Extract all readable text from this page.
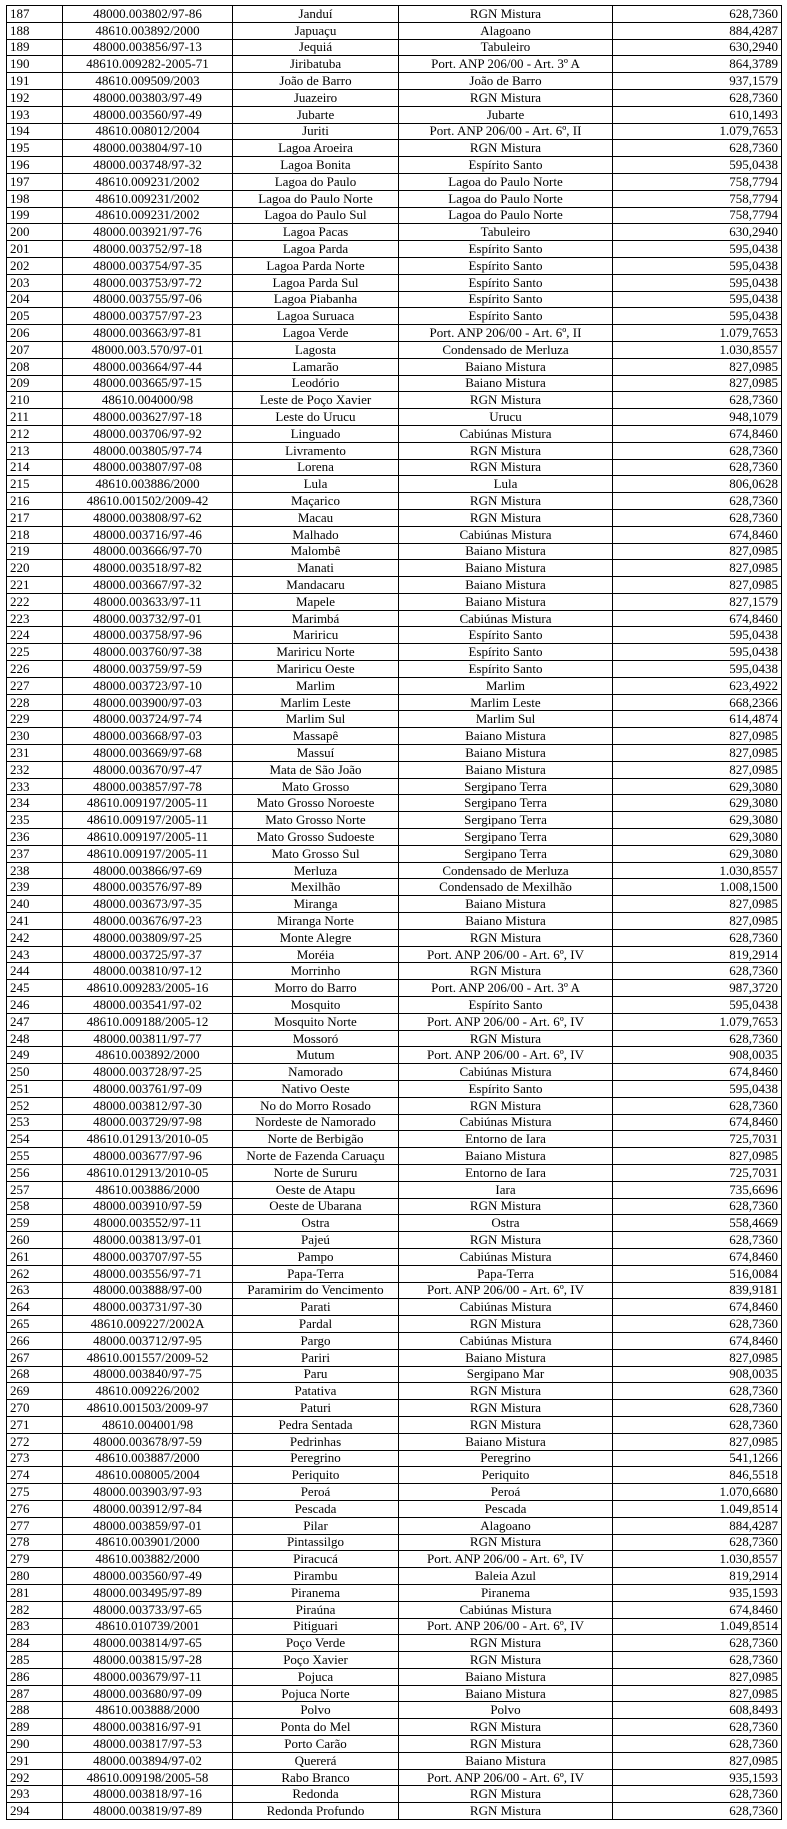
187	48000.003802/97-86	Janduí	RGN Mistura	628,7360
188	48610.003892/2000	Japuaçu	Alagoano	884,4287
189	48000.003856/97-13	Jequiá	Tabuleiro	630,2940
190	48610.009282-2005-71	Jiribatuba	Port. ANP 206/00 - Art. 3º A	864,3789
191	48610.009509/2003	João de Barro	João de Barro	937,1579
192	48000.003803/97-49	Juazeiro	RGN Mistura	628,7360
193	48000.003560/97-49	Jubarte	Jubarte	610,1493
194	48610.008012/2004	Juriti	Port. ANP 206/00 - Art. 6º, II	1.079,7653
195	48000.003804/97-10	Lagoa Aroeira	RGN Mistura	628,7360
196	48000.003748/97-32	Lagoa Bonita	Espírito Santo	595,0438
197	48610.009231/2002	Lagoa do Paulo	Lagoa do Paulo Norte	758,7794
198	48610.009231/2002	Lagoa do Paulo Norte	Lagoa do Paulo Norte	758,7794
199	48610.009231/2002	Lagoa do Paulo Sul	Lagoa do Paulo Norte	758,7794
200	48000.003921/97-76	Lagoa Pacas	Tabuleiro	630,2940
201	48000.003752/97-18	Lagoa Parda	Espírito Santo	595,0438
202	48000.003754/97-35	Lagoa Parda Norte	Espírito Santo	595,0438
203	48000.003753/97-72	Lagoa Parda Sul	Espírito Santo	595,0438
204	48000.003755/97-06	Lagoa Piabanha	Espírito Santo	595,0438
205	48000.003757/97-23	Lagoa Suruaca	Espírito Santo	595,0438
206	48000.003663/97-81	Lagoa Verde	Port. ANP 206/00 - Art. 6º, II	1.079,7653
207	48000.003.570/97-01	Lagosta	Condensado de Merluza	1.030,8557
208	48000.003664/97-44	Lamarão	Baiano Mistura	827,0985
209	48000.003665/97-15	Leodório	Baiano Mistura	827,0985
210	48610.004000/98	Leste de Poço Xavier	RGN Mistura	628,7360
211	48000.003627/97-18	Leste do Urucu	Urucu	948,1079
212	48000.003706/97-92	Linguado	Cabiúnas Mistura	674,8460
213	48000.003805/97-74	Livramento	RGN Mistura	628,7360
214	48000.003807/97-08	Lorena	RGN Mistura	628,7360
215	48610.003886/2000	Lula	Lula	806,0628
216	48610.001502/2009-42	Maçarico	RGN Mistura	628,7360
217	48000.003808/97-62	Macau	RGN Mistura	628,7360
218	48000.003716/97-46	Malhado	Cabiúnas Mistura	674,8460
219	48000.003666/97-70	Malombê	Baiano Mistura	827,0985
220	48000.003518/97-82	Manati	Baiano Mistura	827,0985
221	48000.003667/97-32	Mandacaru	Baiano Mistura	827,0985
222	48000.003633/97-11	Mapele	Baiano Mistura	827,1579
223	48000.003732/97-01	Marimbá	Cabiúnas Mistura	674,8460
224	48000.003758/97-96	Mariricu	Espírito Santo	595,0438
225	48000.003760/97-38	Mariricu Norte	Espírito Santo	595,0438
226	48000.003759/97-59	Mariricu Oeste	Espírito Santo	595,0438
227	48000.003723/97-10	Marlim	Marlim	623,4922
228	48000.003900/97-03	Marlim Leste	Marlim Leste	668,2366
229	48000.003724/97-74	Marlim Sul	Marlim Sul	614,4874
230	48000.003668/97-03	Massapê	Baiano Mistura	827,0985
231	48000.003669/97-68	Massuí	Baiano Mistura	827,0985
232	48000.003670/97-47	Mata de São João	Baiano Mistura	827,0985
233	48000.003857/97-78	Mato Grosso	Sergipano Terra	629,3080
234	48610.009197/2005-11	Mato Grosso Noroeste	Sergipano Terra	629,3080
235	48610.009197/2005-11	Mato Grosso Norte	Sergipano Terra	629,3080
236	48610.009197/2005-11	Mato Grosso Sudoeste	Sergipano Terra	629,3080
237	48610.009197/2005-11	Mato Grosso Sul	Sergipano Terra	629,3080
238	48000.003866/97-69	Merluza	Condensado de Merluza	1.030,8557
239	48000.003576/97-89	Mexilhão	Condensado de Mexilhão	1.008,1500
240	48000.003673/97-35	Miranga	Baiano Mistura	827,0985
241	48000.003676/97-23	Miranga Norte	Baiano Mistura	827,0985
242	48000.003809/97-25	Monte Alegre	RGN Mistura	628,7360
243	48000.003725/97-37	Moréia	Port. ANP 206/00 - Art. 6º, IV	819,2914
244	48000.003810/97-12	Morrinho	RGN Mistura	628,7360
245	48610.009283/2005-16	Morro do Barro	Port. ANP 206/00 - Art. 3º A	987,3720
246	48000.003541/97-02	Mosquito	Espírito Santo	595,0438
247	48610.009188/2005-12	Mosquito Norte	Port. ANP 206/00 - Art. 6º, IV	1.079,7653
248	48000.003811/97-77	Mossoró	RGN Mistura	628,7360
249	48610.003892/2000	Mutum	Port. ANP 206/00 - Art. 6º, IV	908,0035
250	48000.003728/97-25	Namorado	Cabiúnas Mistura	674,8460
251	48000.003761/97-09	Nativo Oeste	Espírito Santo	595,0438
252	48000.003812/97-30	No do Morro Rosado	RGN Mistura	628,7360
253	48000.003729/97-98	Nordeste de Namorado	Cabiúnas Mistura	674,8460
254	48610.012913/2010-05	Norte de Berbigão	Entorno de Iara	725,7031
255	48000.003677/97-96	Norte de Fazenda Caruaçu	Baiano Mistura	827,0985
256	48610.012913/2010-05	Norte de Sururu	Entorno de Iara	725,7031
257	48610.003886/2000	Oeste de Atapu	Iara	735,6696
258	48000.003910/97-59	Oeste de Ubarana	RGN Mistura	628,7360
259	48000.003552/97-11	Ostra	Ostra	558,4669
260	48000.003813/97-01	Pajeú	RGN Mistura	628,7360
261	48000.003707/97-55	Pampo	Cabiúnas Mistura	674,8460
262	48000.003556/97-71	Papa-Terra	Papa-Terra	516,0084
263	48000.003888/97-00	Paramirim do Vencimento	Port. ANP 206/00 - Art. 6º, IV	839,9181
264	48000.003731/97-30	Parati	Cabiúnas Mistura	674,8460
265	48610.009227/2002A	Pardal	RGN Mistura	628,7360
266	48000.003712/97-95	Pargo	Cabiúnas Mistura	674,8460
267	48610.001557/2009-52	Pariri	Baiano Mistura	827,0985
268	48000.003840/97-75	Paru	Sergipano Mar	908,0035
269	48610.009226/2002	Patativa	RGN Mistura	628,7360
270	48610.001503/2009-97	Paturi	RGN Mistura	628,7360
271	48610.004001/98	Pedra Sentada	RGN Mistura	628,7360
272	48000.003678/97-59	Pedrinhas	Baiano Mistura	827,0985
273	48610.003887/2000	Peregrino	Peregrino	541,1266
274	48610.008005/2004	Periquito	Periquito	846,5518
275	48000.003903/97-93	Peroá	Peroá	1.070,6680
276	48000.003912/97-84	Pescada	Pescada	1.049,8514
277	48000.003859/97-01	Pilar	Alagoano	884,4287
278	48610.003901/2000	Pintassilgo	RGN Mistura	628,7360
279	48610.003882/2000	Piracucá	Port. ANP 206/00 - Art. 6º, IV	1.030,8557
280	48000.003560/97-49	Pirambu	Baleia Azul	819,2914
281	48000.003495/97-89	Piranema	Piranema	935,1593
282	48000.003733/97-65	Piraúna	Cabiúnas Mistura	674,8460
283	48610.010739/2001	Pitiguari	Port. ANP 206/00 - Art. 6º, IV	1.049,8514
284	48000.003814/97-65	Poço Verde	RGN Mistura	628,7360
285	48000.003815/97-28	Poço Xavier	RGN Mistura	628,7360
286	48000.003679/97-11	Pojuca	Baiano Mistura	827,0985
287	48000.003680/97-09	Pojuca Norte	Baiano Mistura	827,0985
288	48610.003888/2000	Polvo	Polvo	608,8493
289	48000.003816/97-91	Ponta do Mel	RGN Mistura	628,7360
290	48000.003817/97-53	Porto Carão	RGN Mistura	628,7360
291	48000.003894/97-02	Quererá	Baiano Mistura	827,0985
292	48610.009198/2005-58	Rabo Branco	Port. ANP 206/00 - Art. 6º, IV	935,1593
293	48000.003818/97-16	Redonda	RGN Mistura	628,7360
294	48000.003819/97-89	Redonda Profundo	RGN Mistura	628,7360
